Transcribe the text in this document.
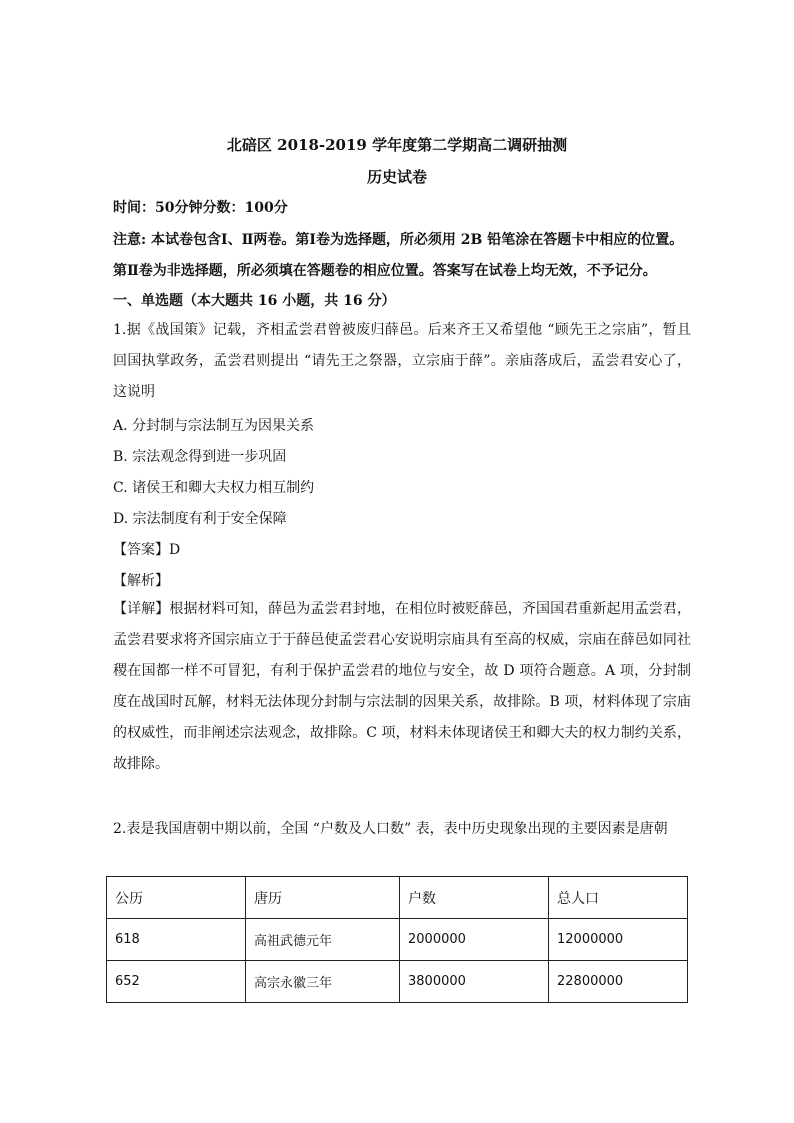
北碚区 2018-2019 学年度第二学期高二调研抽测
历史试卷
时间：50分钟分数：100分
注意: 本试卷包含Ⅰ、Ⅱ两卷。第Ⅰ卷为选择题，所必须用 2B 铅笔涂在答题卡中相应的位置。
第Ⅱ卷为非选择题，所必须填在答题卷的相应位置。答案写在试卷上均无效，不予记分。
一、单选题（本大题共 16 小题，共 16 分）
1.据《战国策》记载，齐相孟尝君曾被废归薛邑。后来齐王又希望他 “顾先王之宗庙”，暂且回国执掌政务，孟尝君则提出 “请先王之祭器，立宗庙于薛”。亲庙落成后，孟尝君安心了，这说明
A. 分封制与宗法制互为因果关系
B. 宗法观念得到进一步巩固
C. 诸侯王和卿大夫权力相互制约
D. 宗法制度有利于安全保障
【答案】D
【解析】
【详解】根据材料可知，薛邑为孟尝君封地，在相位时被贬薛邑，齐国国君重新起用孟尝君，孟尝君要求将齐国宗庙立于于薛邑使孟尝君心安说明宗庙具有至高的权威，宗庙在薛邑如同社稷在国都一样不可冒犯，有利于保护孟尝君的地位与安全，故 D 项符合题意。A 项，分封制度在战国时瓦解，材料无法体现分封制与宗法制的因果关系，故排除。B 项，材料体现了宗庙的权威性，而非阐述宗法观念，故排除。C 项，材料未体现诸侯王和卿大夫的权力制约关系，故排除。
2.表是我国唐朝中期以前，全国 “户数及人口数” 表，表中历史现象出现的主要因素是唐朝
公历	唐历	户数	总人口
618	高祖武德元年	2000000	12000000
652	高宗永徽三年	3800000	22800000
